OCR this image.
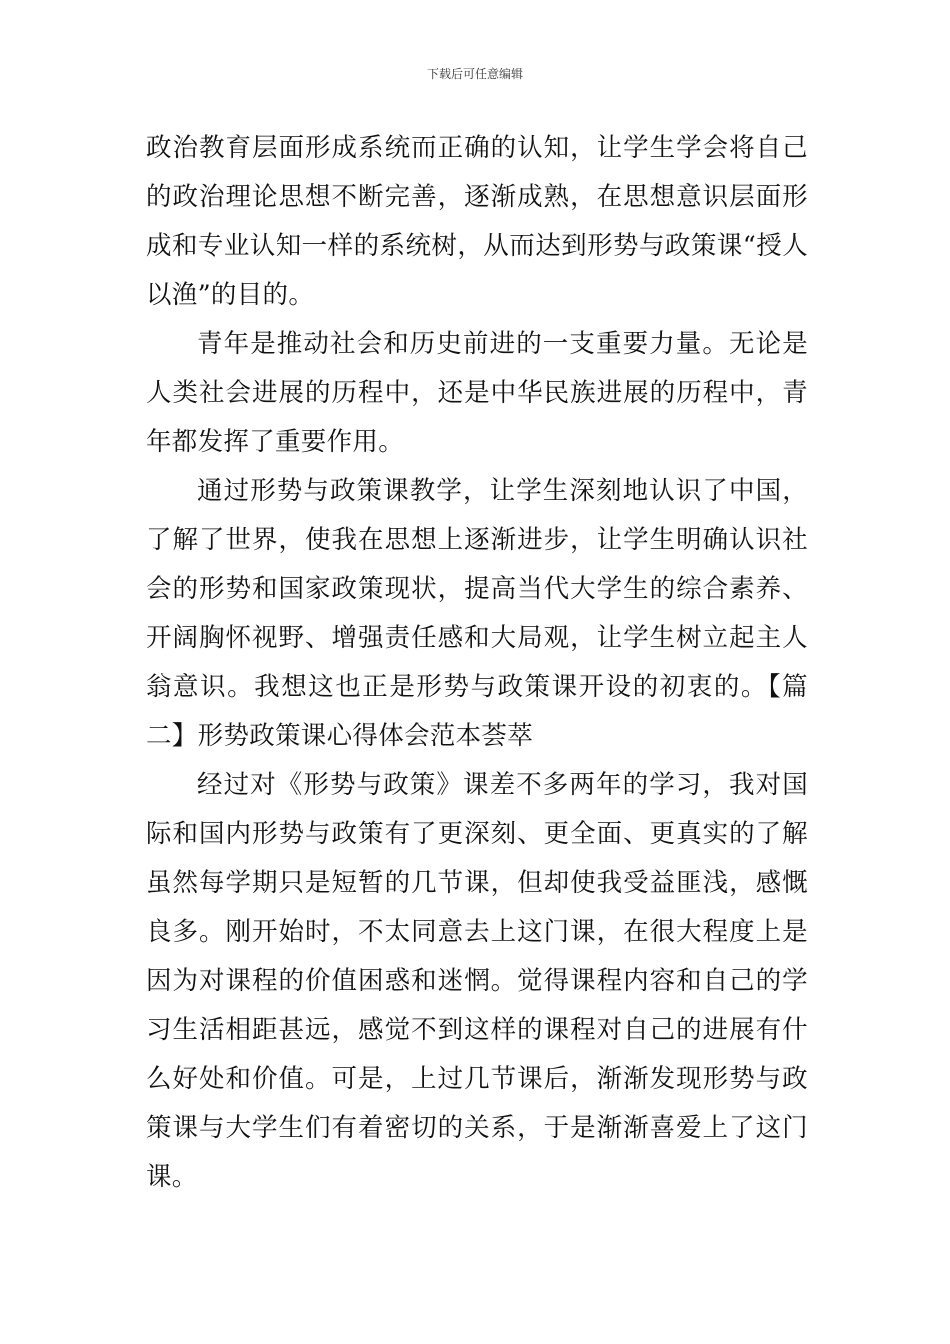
下载后可任意编辑

政治教育层面形成系统而正确的认知，让学生学会将自己的政治理论思想不断完善，逐渐成熟，在思想意识层面形成和专业认知一样的系统树，从而达到形势与政策课“授人以渔”的目的。

青年是推动社会和历史前进的一支重要力量。无论是人类社会进展的历程中，还是中华民族进展的历程中，青年都发挥了重要作用。

通过形势与政策课教学，让学生深刻地认识了中国，了解了世界，使我在思想上逐渐进步，让学生明确认识社会的形势和国家政策现状，提高当代大学生的综合素养、开阔胸怀视野、增强责任感和大局观，让学生树立起主人翁意识。我想这也正是形势与政策课开设的初衷的。【篇二】形势政策课心得体会范本荟萃

经过对《形势与政策》课差不多两年的学习，我对国际和国内形势与政策有了更深刻、更全面、更真实的了解虽然每学期只是短暂的几节课，但却使我受益匪浅，感慨良多。刚开始时，不太同意去上这门课，在很大程度上是因为对课程的价值困惑和迷惘。觉得课程内容和自己的学习生活相距甚远，感觉不到这样的课程对自己的进展有什么好处和价值。可是，上过几节课后，渐渐发现形势与政策课与大学生们有着密切的关系，于是渐渐喜爱上了这门课。
